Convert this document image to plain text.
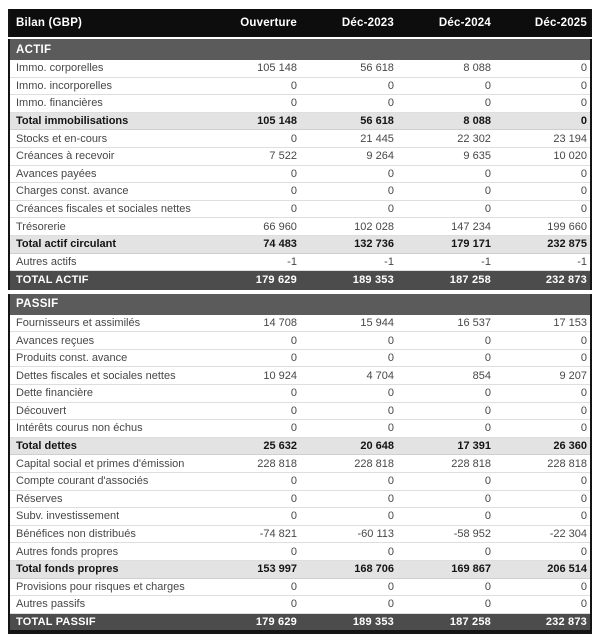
Bilan (GBP)	Ouverture	Déc-2023	Déc-2024	Déc-2025
ACTIF				
Immo. corporelles	105 148	56 618	8 088	0
Immo. incorporelles	0	0	0	0
Immo. financières	0	0	0	0
Total immobilisations	105 148	56 618	8 088	0
Stocks et en-cours	0	21 445	22 302	23 194
Créances à recevoir	7 522	9 264	9 635	10 020
Avances payées	0	0	0	0
Charges const. avance	0	0	0	0
Créances fiscales et sociales nettes	0	0	0	0
Trésorerie	66 960	102 028	147 234	199 660
Total actif circulant	74 483	132 736	179 171	232 875
Autres actifs	-1	-1	-1	-1
TOTAL ACTIF	179 629	189 353	187 258	232 873
PASSIF				
Fournisseurs et assimilés	14 708	15 944	16 537	17 153
Avances reçues	0	0	0	0
Produits const. avance	0	0	0	0
Dettes fiscales et sociales nettes	10 924	4 704	854	9 207
Dette financière	0	0	0	0
Découvert	0	0	0	0
Intérêts courus non échus	0	0	0	0
Total dettes	25 632	20 648	17 391	26 360
Capital social et primes d'émission	228 818	228 818	228 818	228 818
Compte courant d'associés	0	0	0	0
Réserves	0	0	0	0
Subv. investissement	0	0	0	0
Bénéfices non distribués	-74 821	-60 113	-58 952	-22 304
Autres fonds propres	0	0	0	0
Total fonds propres	153 997	168 706	169 867	206 514
Provisions pour risques et charges	0	0	0	0
Autres passifs	0	0	0	0
TOTAL PASSIF	179 629	189 353	187 258	232 873
